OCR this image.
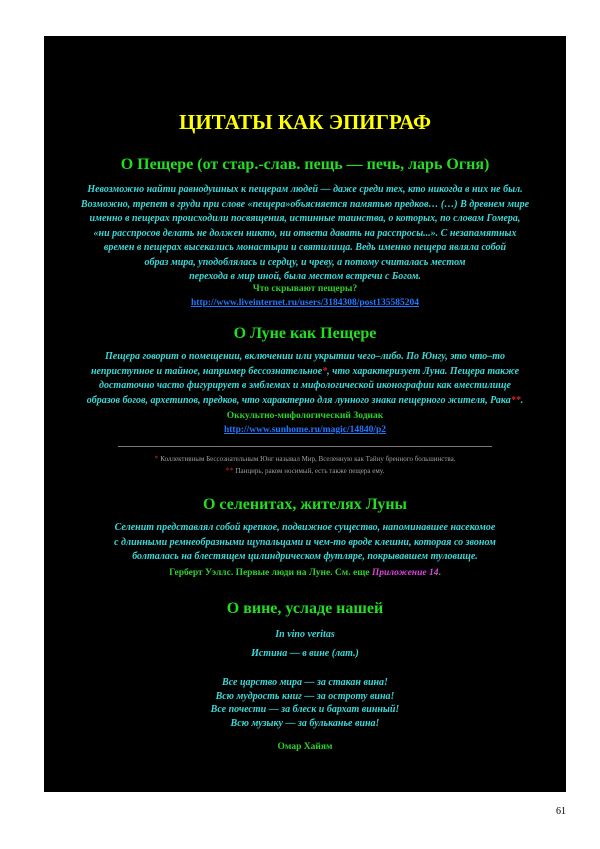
ЦИТАТЫ КАК ЭПИГРАФ
О Пещере (от стар.-слав. пещь — печь, ларь Огня)
Невозможно найти равнодушных к пещерам людей — даже среди тех, кто никогда в них не был.
Возможно, трепет в груди при слове «пещера»объясняется памятью предков… (…) В древнем мире
именно в пещерах происходили посвящения, истинные таинства, о которых, по словам Гомера,
«ни расспросов делать не должен никто, ни ответа давать на расспросы...». С незапамятных
времен в пещерах высекались монастыри и святилища. Ведь именно пещера являла собой
образ мира, уподоблялась и сердцу, и чреву, а потому считалась местом
перехода в мир иной, была местом встречи с Богом.
Что скрывают пещеры?
http://www.liveinternet.ru/users/3184308/post135585204
О Луне как Пещере
Пещера говорит о помещении, включении или укрытии чего–либо. По Юнгу, это что–то
неприступное и тайное, например бессознательное*, что характеризует Луна. Пещера также
достаточно часто фигурирует в эмблемах и мифологической иконографии как вместилище
образов богов, архетипов, предков, что характерно для лунного знака пещерного жителя, Рака**.
Оккультно-мифологический Зодиак
http://www.sunhome.ru/magic/14840/p2
* Коллективным Бессознательным Юнг называл Мир, Вселенную как Тайну бренного большинства.
** Панцирь, раком носимый, есть также пещера ему.
О селенитах, жителях Луны
Селенит представлял собой крепкое, подвижное существо, напоминавшее насекомое
с длинными ремнеобразными щупальцами и чем-то вроде клешни, которая со звоном
болталась на блестящем цилиндрическом футляре, покрывавшем туловище.
Герберт Уэллс. Первые люди на Луне. См. еще Приложение 14.
О вине, усладе нашей
In vino veritas
Истина — в вине (лат.)
Все царство мира — за стакан вина!
Всю мудрость книг — за остроту вина!
Все почести — за блеск и бархат винный!
Всю музыку — за бульканье вина!
Омар Хайям
61
